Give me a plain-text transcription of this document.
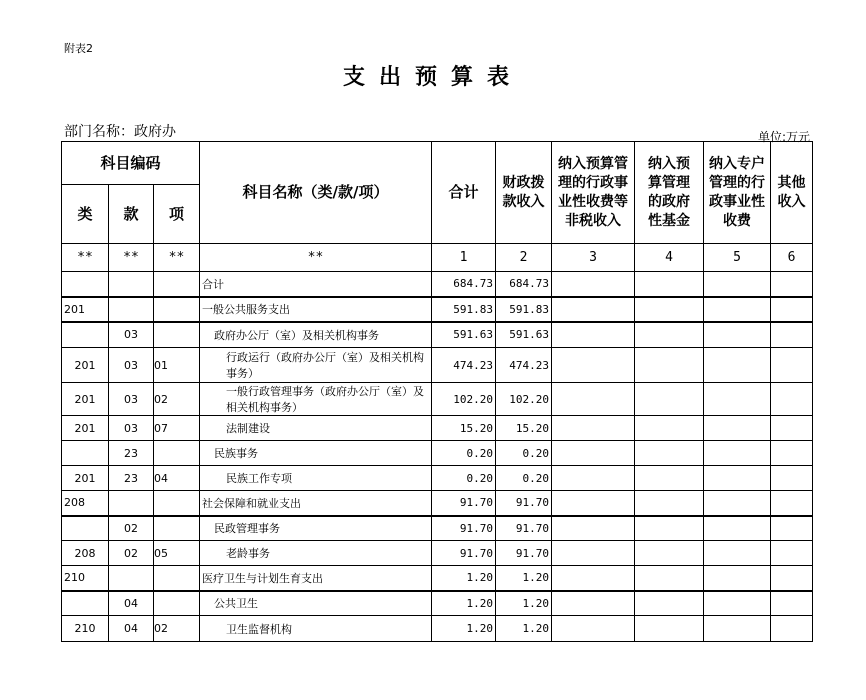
附表2
支出预算表
部门名称：政府办	单位:万元
科目编码			科目名称（类/款/项）	合计	财政拨款收入	纳入预算管理的行政事业性收费等非税收入	纳入预算管理的政府性基金	纳入专户管理的行政事业性收费	其他收入
类	款	项							
**	**	**	**	1	2	3	4	5	6
			合计	684.73	684.73				
201			一般公共服务支出	591.83	591.83				
	03		政府办公厅（室）及相关机构事务	591.63	591.63				
201	03	01	行政运行（政府办公厅（室）及相关机构事务）	474.23	474.23				
201	03	02	一般行政管理事务（政府办公厅（室）及相关机构事务）	102.20	102.20				
201	03	07	法制建设	15.20	15.20				
	23		民族事务	0.20	0.20				
201	23	04	民族工作专项	0.20	0.20				
208			社会保障和就业支出	91.70	91.70				
	02		民政管理事务	91.70	91.70				
208	02	05	老龄事务	91.70	91.70				
210			医疗卫生与计划生育支出	1.20	1.20				
	04		公共卫生	1.20	1.20				
210	04	02	卫生监督机构	1.20	1.20				
